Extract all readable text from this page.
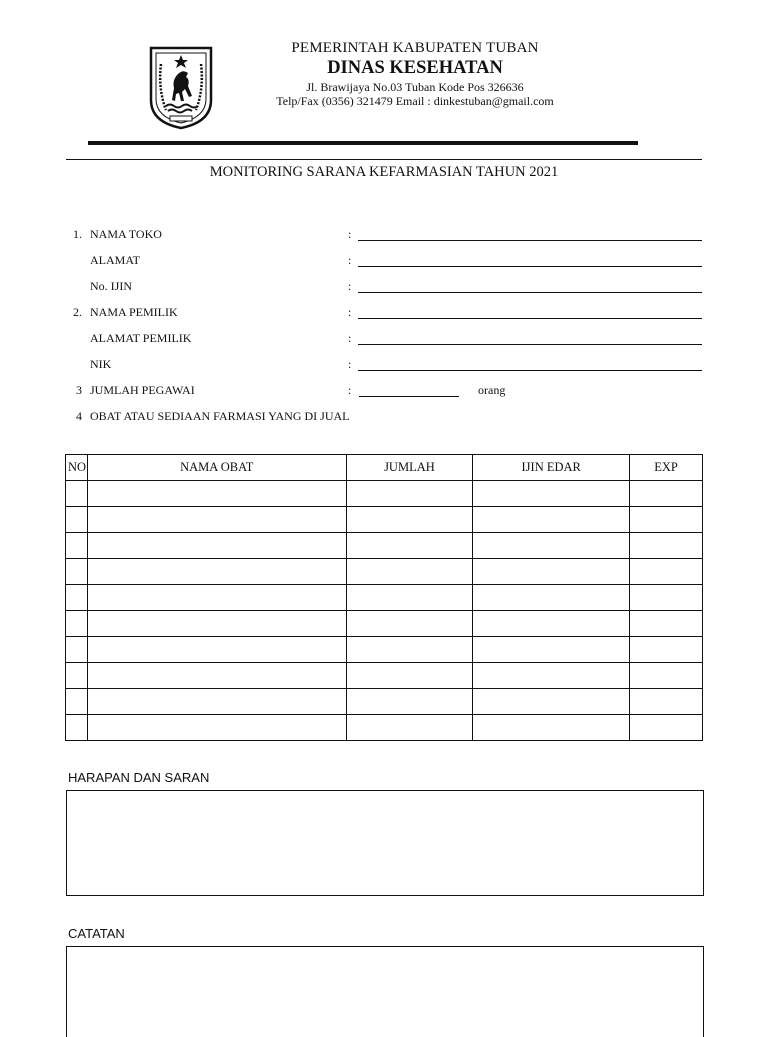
PEMERINTAH KABUPATEN TUBAN
DINAS KESEHATAN
Jl. Brawijaya No.03 Tuban Kode Pos 326636
Telp/Fax (0356) 321479 Email : dinkestuban@gmail.com
MONITORING SARANA KEFARMASIAN TAHUN 2021
1. NAMA TOKO	:
ALAMAT	:
No. IJIN	:
2. NAMA PEMILIK	:
ALAMAT PEMILIK	:
NIK	:
3 JUMLAH PEGAWAI	:	orang
4 OBAT ATAU SEDIAAN FARMASI YANG DI JUAL
NO	NAMA OBAT	JUMLAH	IJIN EDAR	EXP

HARAPAN DAN SARAN
CATATAN
